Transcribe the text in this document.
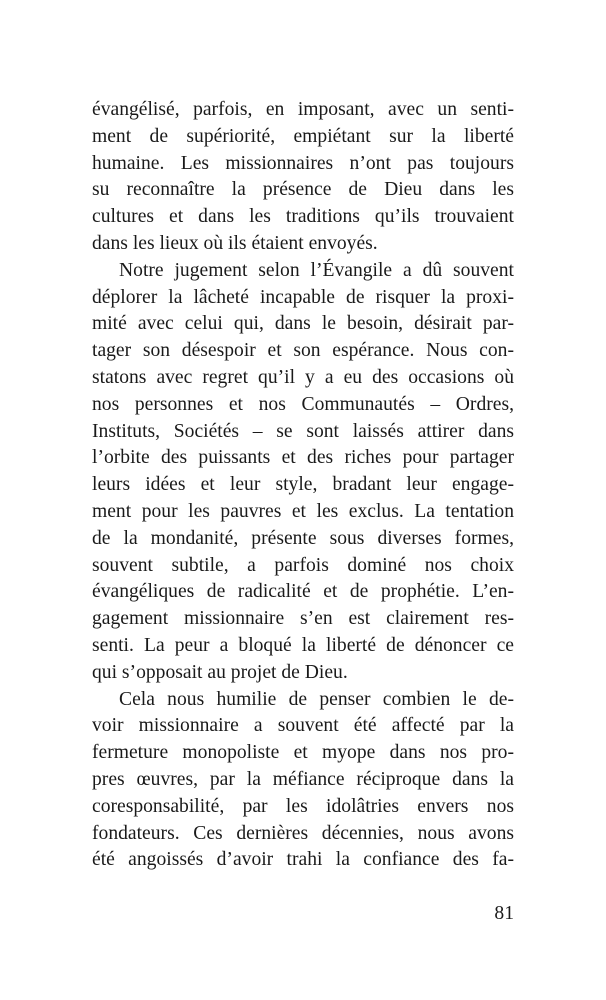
évangélisé, parfois, en imposant, avec un senti-
ment de supériorité, empiétant sur la liberté
humaine. Les missionnaires n’ont pas toujours
su reconnaître la présence de Dieu dans les
cultures et dans les traditions qu’ils trouvaient
dans les lieux où ils étaient envoyés.
Notre jugement selon l’Évangile a dû souvent
déplorer la lâcheté incapable de risquer la proxi-
mité avec celui qui, dans le besoin, désirait par-
tager son désespoir et son espérance. Nous con-
statons avec regret qu’il y a eu des occasions où
nos personnes et nos Communautés – Ordres,
Instituts, Sociétés – se sont laissés attirer dans
l’orbite des puissants et des riches pour partager
leurs idées et leur style, bradant leur engage-
ment pour les pauvres et les exclus. La tentation
de la mondanité, présente sous diverses formes,
souvent subtile, a parfois dominé nos choix
évangéliques de radicalité et de prophétie. L’en-
gagement missionnaire s’en est clairement res-
senti. La peur a bloqué la liberté de dénoncer ce
qui s’opposait au projet de Dieu.
Cela nous humilie de penser combien le de-
voir missionnaire a souvent été affecté par la
fermeture monopoliste et myope dans nos pro-
pres œuvres, par la méfiance réciproque dans la
coresponsabilité, par les idolâtries envers nos
fondateurs. Ces dernières décennies, nous avons
été angoissés d’avoir trahi la confiance des fa-
81
